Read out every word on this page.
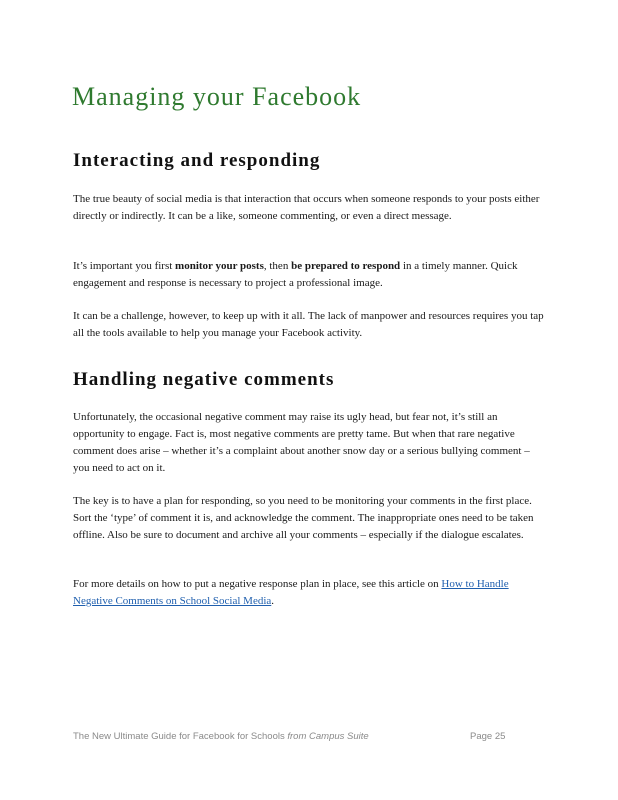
Managing your Facebook
Interacting and responding

The true beauty of social media is that interaction that occurs when someone responds to your posts either directly or indirectly. It can be a like, someone commenting, or even a direct message.

It’s important you first monitor your posts, then be prepared to respond in a timely manner. Quick engagement and response is necessary to project a professional image.

It can be a challenge, however, to keep up with it all. The lack of manpower and resources requires you tap all the tools available to help you manage your Facebook activity.

Handling negative comments

Unfortunately, the occasional negative comment may raise its ugly head, but fear not, it’s still an opportunity to engage. Fact is, most negative comments are pretty tame. But when that rare negative comment does arise – whether it’s a complaint about another snow day or a serious bullying comment – you need to act on it.

The key is to have a plan for responding, so you need to be monitoring your comments in the first place. Sort the ‘type’ of comment it is, and acknowledge the comment. The inappropriate ones need to be taken offline. Also be sure to document and archive all your comments – especially if the dialogue escalates.

For more details on how to put a negative response plan in place, see this article on How to Handle Negative Comments on School Social Media.

The New Ultimate Guide for Facebook for Schools from Campus Suite	Page 25
